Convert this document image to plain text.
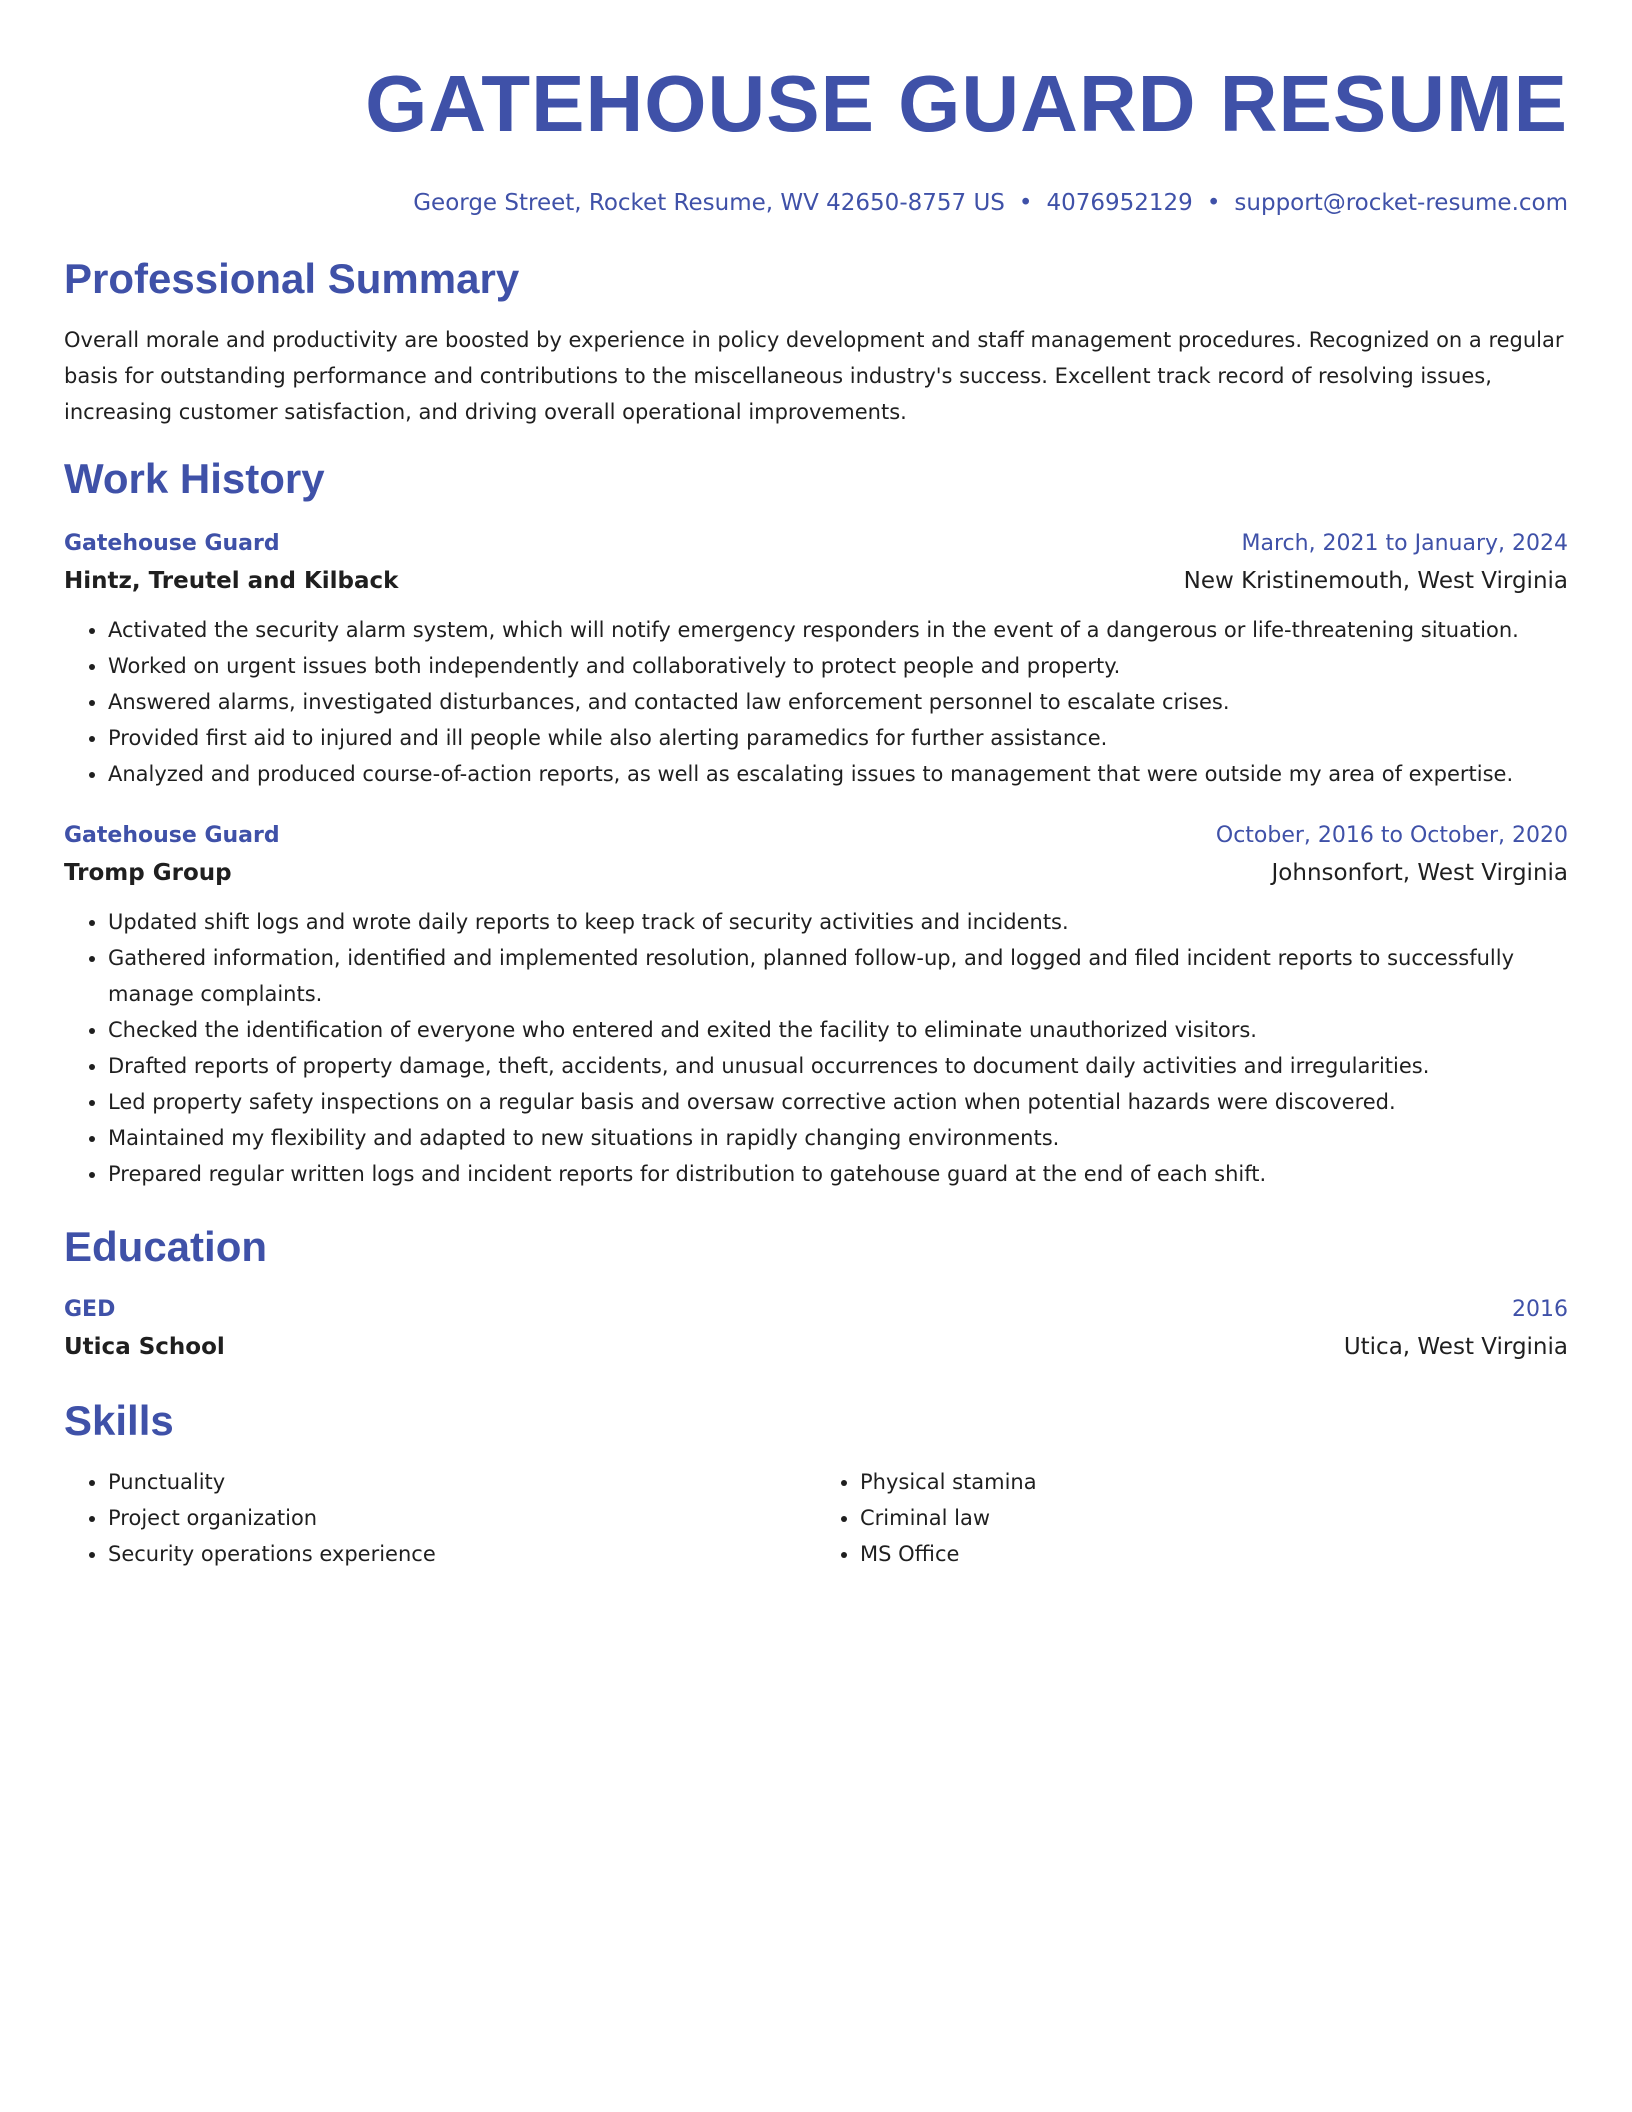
GATEHOUSE GUARD RESUME
George Street, Rocket Resume, WV 42650-8757 US • 4076952129 • support@rocket-resume.com
Professional Summary
Overall morale and productivity are boosted by experience in policy development and staff management procedures. Recognized on a regular basis for outstanding performance and contributions to the miscellaneous industry's success. Excellent track record of resolving issues, increasing customer satisfaction, and driving overall operational improvements.
Work History
Gatehouse Guard	March, 2021 to January, 2024
Hintz, Treutel and Kilback	New Kristinemouth, West Virginia
• Activated the security alarm system, which will notify emergency responders in the event of a dangerous or life-threatening situation.
• Worked on urgent issues both independently and collaboratively to protect people and property.
• Answered alarms, investigated disturbances, and contacted law enforcement personnel to escalate crises.
• Provided first aid to injured and ill people while also alerting paramedics for further assistance.
• Analyzed and produced course-of-action reports, as well as escalating issues to management that were outside my area of expertise.
Gatehouse Guard	October, 2016 to October, 2020
Tromp Group	Johnsonfort, West Virginia
• Updated shift logs and wrote daily reports to keep track of security activities and incidents.
• Gathered information, identified and implemented resolution, planned follow-up, and logged and filed incident reports to successfully manage complaints.
• Checked the identification of everyone who entered and exited the facility to eliminate unauthorized visitors.
• Drafted reports of property damage, theft, accidents, and unusual occurrences to document daily activities and irregularities.
• Led property safety inspections on a regular basis and oversaw corrective action when potential hazards were discovered.
• Maintained my flexibility and adapted to new situations in rapidly changing environments.
• Prepared regular written logs and incident reports for distribution to gatehouse guard at the end of each shift.
Education
GED	2016
Utica School	Utica, West Virginia
Skills
• Punctuality
• Project organization
• Security operations experience
• Physical stamina
• Criminal law
• MS Office
